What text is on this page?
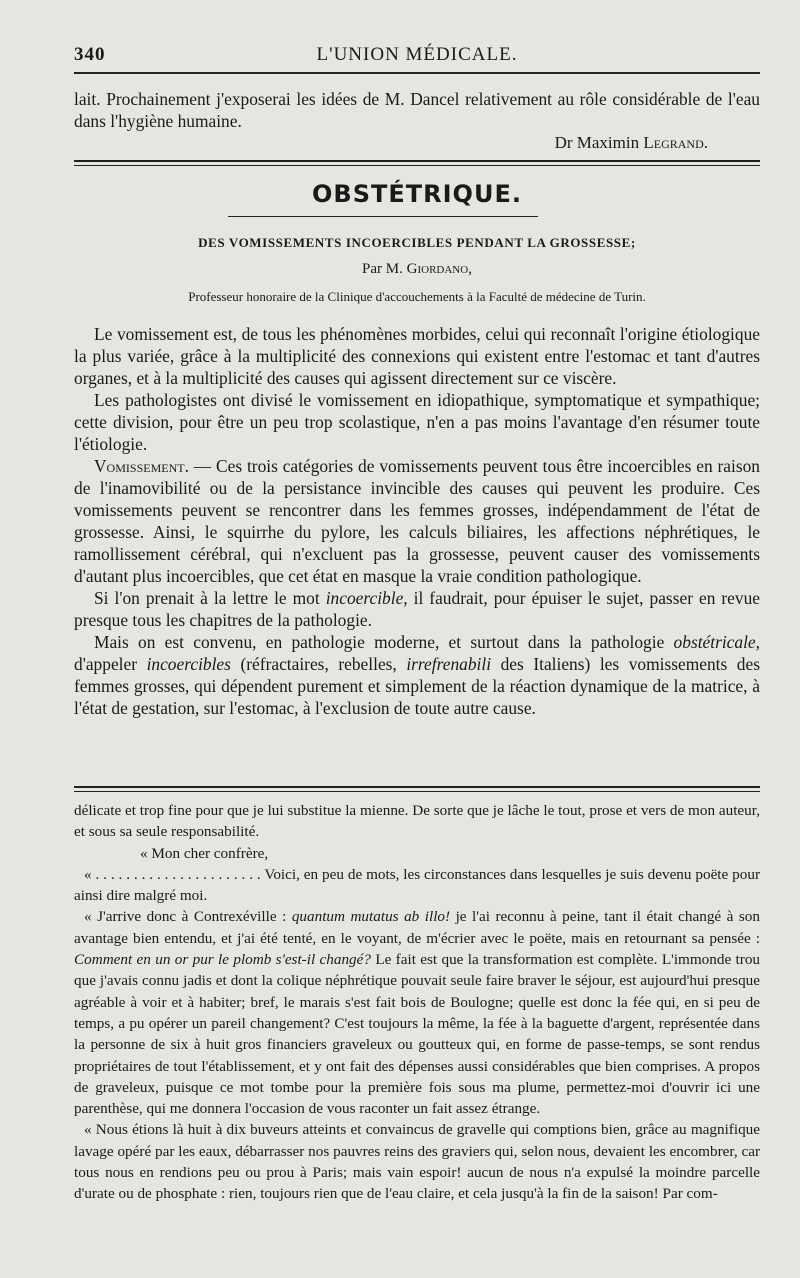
340	L'UNION MÉDICALE.

lait. Prochainement j'exposerai les idées de M. Dancel relativement au rôle considérable de l'eau dans l'hygiène humaine.

Dr Maximin Legrand.
OBSTÉTRIQUE.
DES VOMISSEMENTS INCOERCIBLES PENDANT LA GROSSESSE;
Par M. Giordano,
Professeur honoraire de la Clinique d'accouchements à la Faculté de médecine de Turin.

Le vomissement est, de tous les phénomènes morbides, celui qui reconnaît l'origine étiologique la plus variée, grâce à la multiplicité des connexions qui existent entre l'estomac et tant d'autres organes, et à la multiplicité des causes qui agissent directement sur ce viscère.

Les pathologistes ont divisé le vomissement en idiopathique, symptomatique et sympathique; cette division, pour être un peu trop scolastique, n'en a pas moins l'avantage d'en résumer toute l'étiologie.

Vomissement. — Ces trois catégories de vomissements peuvent tous être incoercibles en raison de l'inamovibilité ou de la persistance invincible des causes qui peuvent les produire. Ces vomissements peuvent se rencontrer dans les femmes grosses, indépendamment de l'état de grossesse. Ainsi, le squirrhe du pylore, les calculs biliaires, les affections néphrétiques, le ramollissement cérébral, qui n'excluent pas la grossesse, peuvent causer des vomissements d'autant plus incoercibles, que cet état en masque la vraie condition pathologique.

Si l'on prenait à la lettre le mot incoercible, il faudrait, pour épuiser le sujet, passer en revue presque tous les chapitres de la pathologie.

Mais on est convenu, en pathologie moderne, et surtout dans la pathologie obstétricale, d'appeler incoercibles (réfractaires, rebelles, irrefrenabili des Italiens) les vomissements des femmes grosses, qui dépendent purement et simplement de la réaction dynamique de la matrice, à l'état de gestation, sur l'estomac, à l'exclusion de toute autre cause.

délicate et trop fine pour que je lui substitue la mienne. De sorte que je lâche le tout, prose et vers de mon auteur, et sous sa seule responsabilité.

« Mon cher confrère,

« . . . . . . . . . . . . . . . . . . . . . . Voici, en peu de mots, les circonstances dans lesquelles je suis devenu poëte pour ainsi dire malgré moi.

« J'arrive donc à Contrexéville : quantum mutatus ab illo! je l'ai reconnu à peine, tant il était changé à son avantage bien entendu, et j'ai été tenté, en le voyant, de m'écrier avec le poëte, mais en retournant sa pensée : Comment en un or pur le plomb s'est-il changé? Le fait est que la transformation est complète. L'immonde trou que j'avais connu jadis et dont la colique néphrétique pouvait seule faire braver le séjour, est aujourd'hui presque agréable à voir et à habiter; bref, le marais s'est fait bois de Boulogne; quelle est donc la fée qui, en si peu de temps, a pu opérer un pareil changement? C'est toujours la même, la fée à la baguette d'argent, représentée dans la personne de six à huit gros financiers graveleux ou goutteux qui, en forme de passe-temps, se sont rendus propriétaires de tout l'établissement, et y ont fait des dépenses aussi considérables que bien comprises. A propos de graveleux, puisque ce mot tombe pour la première fois sous ma plume, permettez-moi d'ouvrir ici une parenthèse, qui me donnera l'occasion de vous raconter un fait assez étrange.

« Nous étions là huit à dix buveurs atteints et convaincus de gravelle qui comptions bien, grâce au magnifique lavage opéré par les eaux, débarrasser nos pauvres reins des graviers qui, selon nous, devaient les encombrer, car tous nous en rendions peu ou prou à Paris; mais vain espoir! aucun de nous n'a expulsé la moindre parcelle d'urate ou de phosphate : rien, toujours rien que de l'eau claire, et cela jusqu'à la fin de la saison! Par com-
